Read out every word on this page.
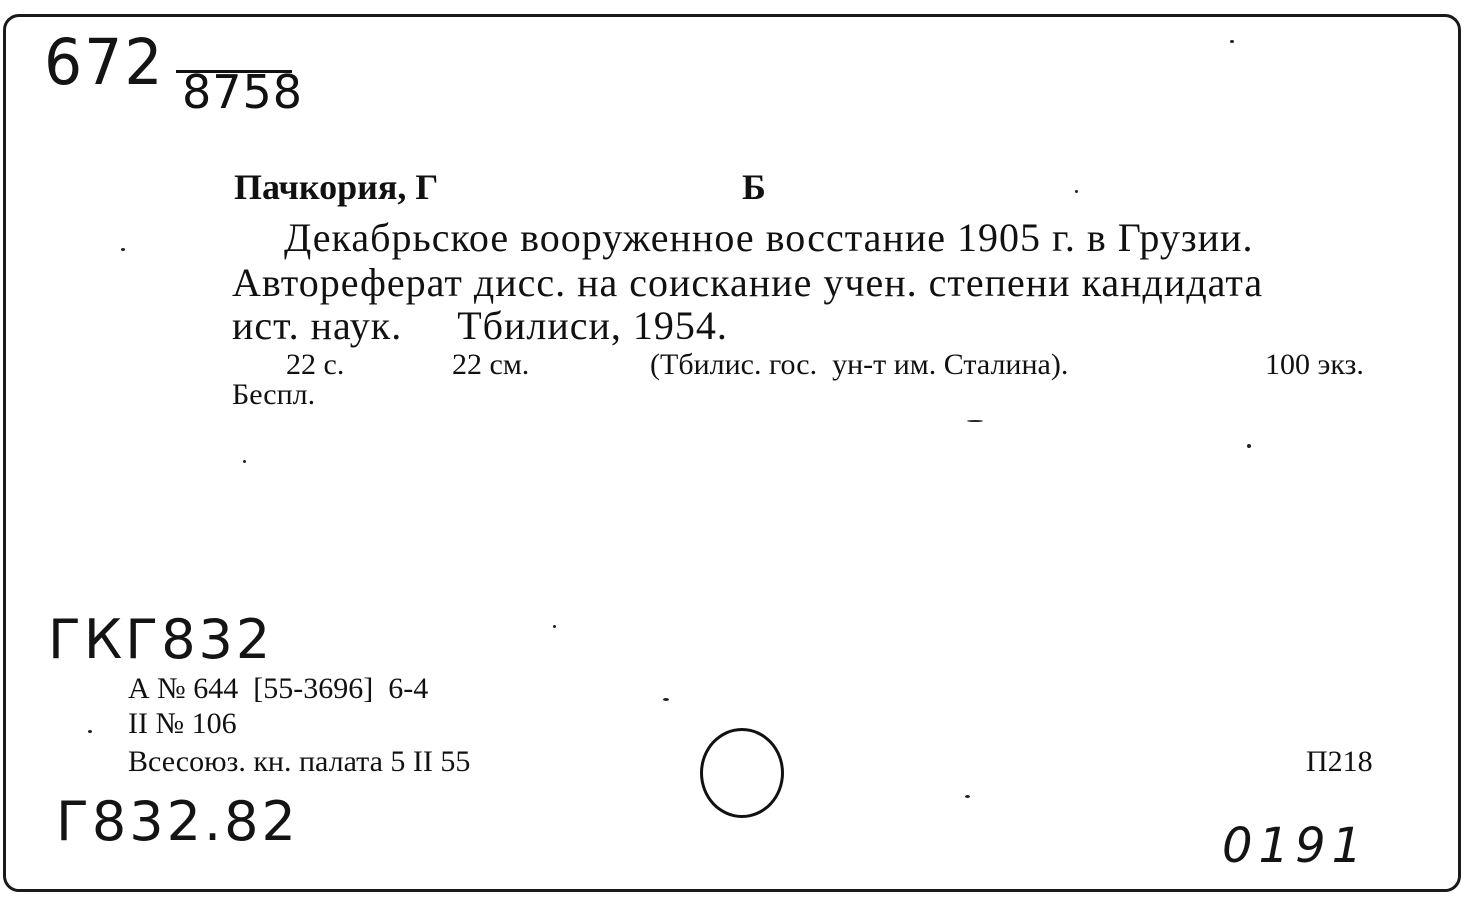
672 8758
Пачкория, Г	Б
Декабрьское вооруженное восстание 1905 г. в Грузии.
Автореферат дисс. на соискание учен. степени кандидата
ист. наук.     Тбилиси, 1954.
22 с.	22 см.	(Тбилис. гос.  ун-т им. Сталина).	100 экз.
Беспл.
ГКГ832
А № 644  [55-3696]  6-4
II № 106
Всесоюз. кн. палата 5 II 55	П218
Г832.82	0191
